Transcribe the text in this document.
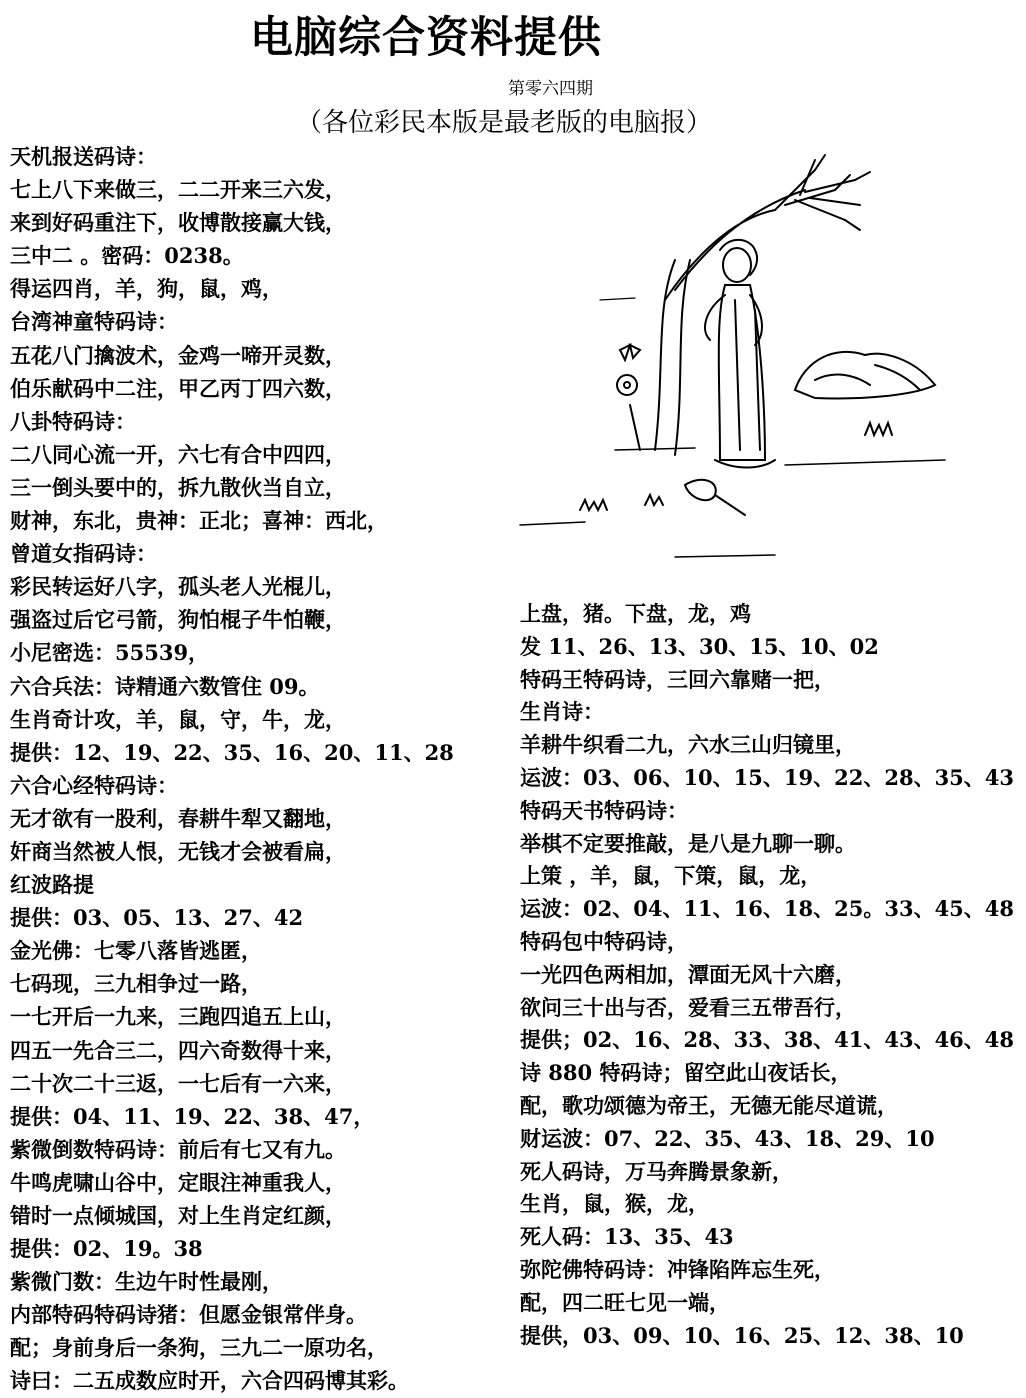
电脑综合资料提供
第零六四期
（各位彩民本版是最老版的电脑报）
天机报送码诗：
七上八下来做三，二二开来三六发，
来到好码重注下，收博散接赢大钱，
三中二 。密码：0238。
得运四肖，羊，狗，鼠，鸡，
台湾神童特码诗：
五花八门擒波术，金鸡一啼开灵数，
伯乐献码中二注，甲乙丙丁四六数，
八卦特码诗：
二八同心流一开，六七有合中四四，
三一倒头要中的，拆九散伙当自立，
财神，东北，贵神：正北；喜神：西北，
曾道女指码诗：
彩民转运好八字，孤头老人光棍儿，
强盗过后它弓箭，狗怕棍子牛怕鞭，
小尼密选：55539，
六合兵法：诗精通六数管住 09。
生肖奇计攻，羊，鼠，守，牛，龙，
提供：12、19、22、35、16、20、11、28
六合心经特码诗：
无才欲有一股利，春耕牛犁又翻地，
奸商当然被人恨，无钱才会被看扁，
红波路提
提供：03、05、13、27、42
金光佛：七零八落皆逃匿，
七码现，三九相争过一路，
一七开后一九来，三跑四追五上山，
四五一先合三二，四六奇数得十来，
二十次二十三返，一七后有一六来，
提供：04、11、19、22、38、47，
紫微倒数特码诗：前后有七又有九。
牛鸣虎啸山谷中，定眼注神重我人，
错时一点倾城国，对上生肖定红颜，
提供：02、19。38
紫微门数：生边午时性最刚，
内部特码特码诗猪：但愿金银常伴身。
配；身前身后一条狗，三九二一原功名，
诗曰：二五成数应时开，六合四码博其彩。
上盘，猪。下盘，龙，鸡
发 11、26、13、30、15、10、02
特码王特码诗，三回六靠赌一把，
生肖诗：
羊耕牛织看二九，六水三山归镜里，
运波：03、06、10、15、19、22、28、35、43
特码天书特码诗：
举棋不定要推敲，是八是九聊一聊。
上策 ，羊，鼠，下策，鼠，龙，
运波：02、04、11、16、18、25。33、45、48
特码包中特码诗，
一光四色两相加，潭面无风十六磨，
欲问三十出与否，爱看三五带吾行，
提供；02、16、28、33、38、41、43、46、48
诗 880 特码诗；留空此山夜话长，
配，歌功颂德为帝王，无德无能尽道谎，
财运波：07、22、35、43、18、29、10
死人码诗，万马奔腾景象新，
生肖，鼠，猴，龙，
死人码：13、35、43
弥陀佛特码诗：冲锋陷阵忘生死，
配，四二旺七见一端，
提供，03、09、10、16、25、12、38、10
